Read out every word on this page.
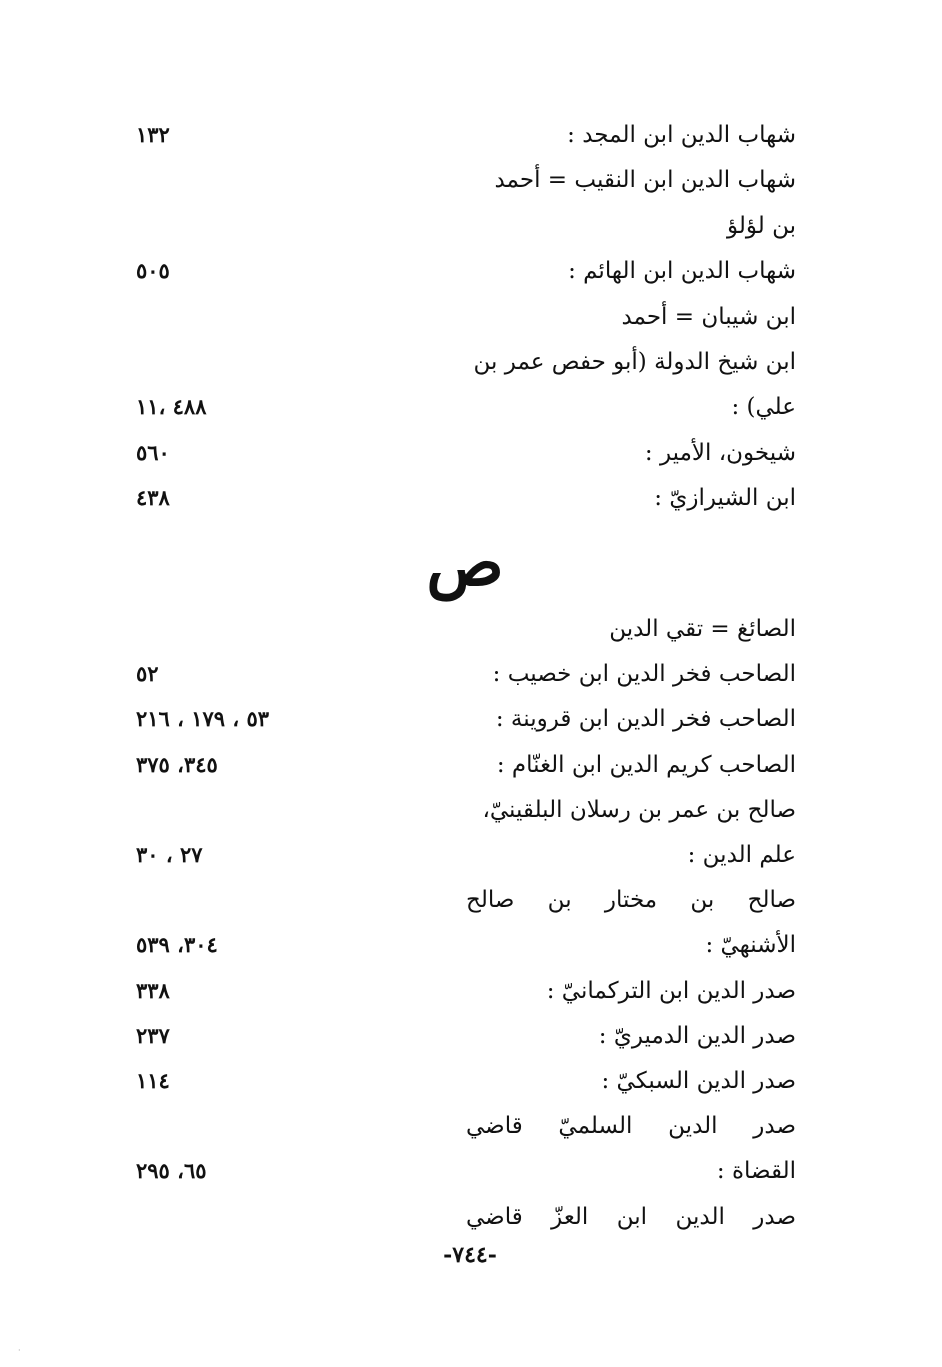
شهاب الدين ابن المجد :
١٣٢
شهاب الدين ابن النقيب = أحمد
بن لؤلؤ
شهاب الدين ابن الهائم :
٥٠٥
ابن شيبان = أحمد
ابن شيخ الدولة (أبو حفص عمر بن
علي) :
٤٨٨ ،١١
شيخون، الأمير :
٥٦٠
ابن الشيرازيّ :
٤٣٨
ص
الصائغ = تقي الدين
الصاحب فخر الدين ابن خصيب :
٥٢
الصاحب فخر الدين ابن قروينة :
٥٣ ، ١٧٩ ، ٢١٦
الصاحب كريم الدين ابن الغنّام :
٣٤٥، ٣٧٥
صالح بن عمر بن رسلان البلقينيّ،
علم الدين :
٢٧ ، ٣٠
صالح بن مختار بن صالح
الأشنهيّ :
٣٠٤، ٥٣٩
صدر الدين ابن التركمانيّ :
٣٣٨
صدر الدين الدميريّ :
٢٣٧
صدر الدين السبكيّ :
١١٤
صدر الدين السلميّ قاضي
القضاة :
٦٥، ٢٩٥
صدر الدين ابن العزّ قاضي
-٧٤٤-
·
